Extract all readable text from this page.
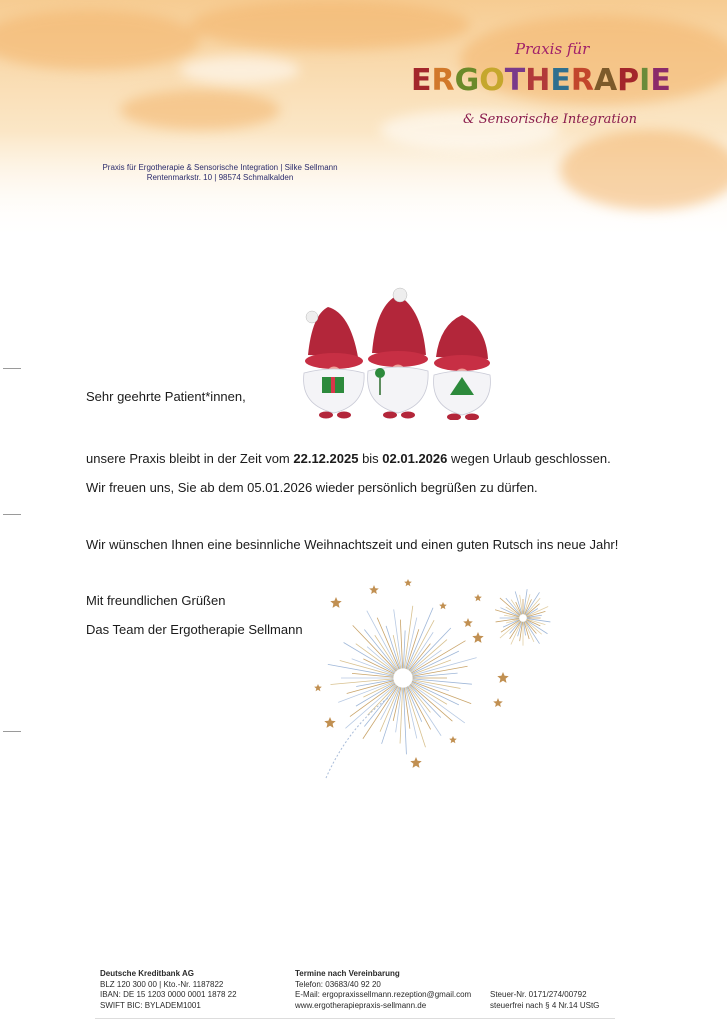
Praxis für
E R G O T H E R A P I E
& Sensorische Integration
Praxis für Ergotherapie & Sensorische Integration | Silke Sellmann
Rentenmarkstr. 10 | 98574 Schmalkalden
Sehr geehrte Patient*innen,
unsere Praxis bleibt in der Zeit vom 22.12.2025 bis 02.01.2026 wegen Urlaub geschlossen.
Wir freuen uns, Sie ab dem 05.01.2026 wieder persönlich begrüßen zu dürfen.
Wir wünschen Ihnen eine besinnliche Weihnachtszeit und einen guten Rutsch ins neue Jahr!
Mit freundlichen Grüßen
Das Team der Ergotherapie Sellmann
Deutsche Kreditbank AG
BLZ 120 300 00 | Kto.-Nr. 1187822
IBAN: DE 15 1203 0000 0001 1878 22
SWIFT BIC: BYLADEM1001
Termine nach Vereinbarung
Telefon: 03683/40 92 20
E-Mail: ergopraxissellmann.rezeption@gmail.com
www.ergotherapiepraxis-sellmann.de
Steuer-Nr. 0171/274/00792
steuerfrei nach § 4 Nr.14 UStG
